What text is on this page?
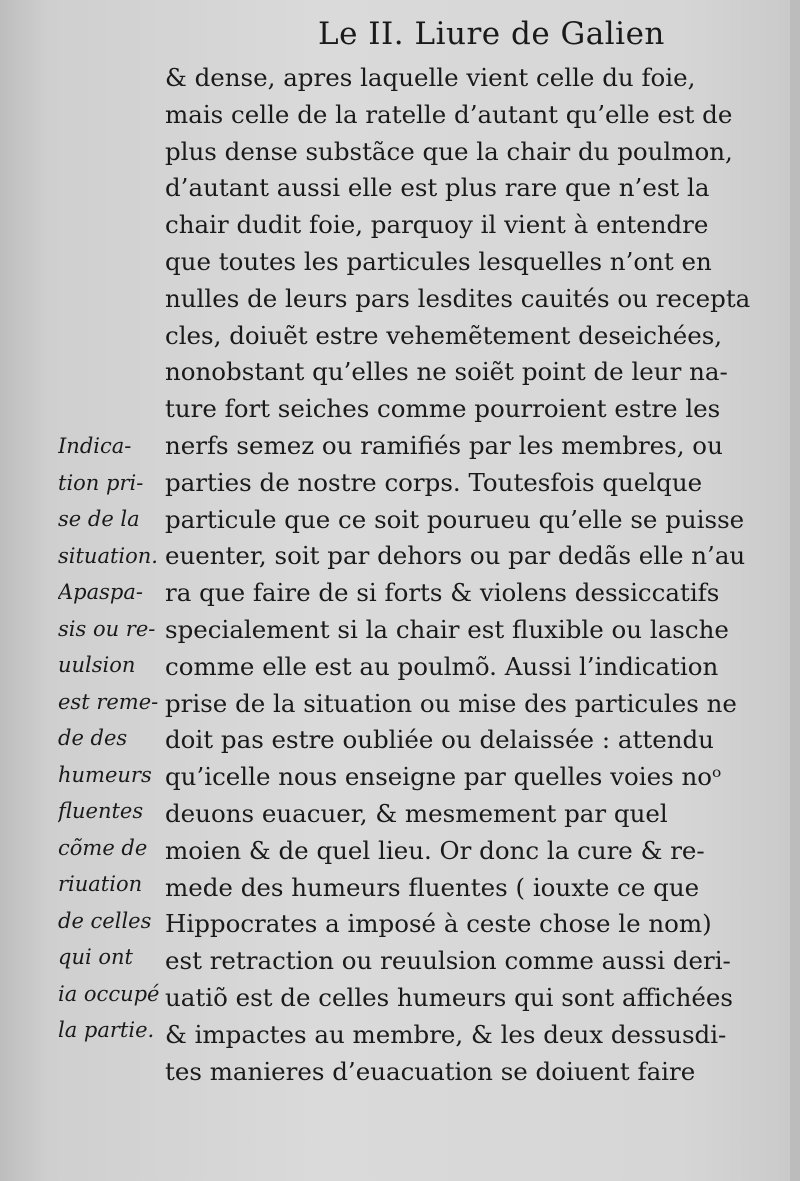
Le II. Liure de Galien
Indica-
tion pri-
se de la
situation.
Apaspa-
sis ou re-
uulsion
est reme-
de des
humeurs
fluentes
cõme de
riuation
de celles
qui ont
ia occupé
la partie.
& dense, apres laquelle vient celle du foie,
mais celle de la ratelle d’autant qu’elle est de
plus dense substãce que la chair du poulmon,
d’autant aussi elle est plus rare que n’est la
chair dudit foie, parquoy il vient à entendre
que toutes les particules lesquelles n’ont en
nulles de leurs pars lesdites cauités ou recepta
cles, doiuẽt estre vehemẽtement deseichées,
nonobstant qu’elles ne soiẽt point de leur na-
ture fort seiches comme pourroient estre les
nerfs semez ou ramifiés par les membres, ou
parties de nostre corps. Toutesfois quelque
particule que ce soit pourueu qu’elle se puisse
euenter, soit par dehors ou par dedãs elle n’au
ra que faire de si forts & violens dessiccatifs
specialement si la chair est fluxible ou lasche
comme elle est au poulmõ. Aussi l’indication
prise de la situation ou mise des particules ne
doit pas estre oubliée ou delaissée : attendu
qu’icelle nous enseigne par quelles voies noᵒ
deuons euacuer, & mesmement par quel
moien & de quel lieu. Or donc la cure & re-
mede des humeurs fluentes ( iouxte ce que
Hippocrates a imposé à ceste chose le nom)
est retraction ou reuulsion comme aussi deri-
uatiõ est de celles humeurs qui sont affichées
& impactes au membre, & les deux dessusdi-
tes manieres d’euacuation se doiuent faire
